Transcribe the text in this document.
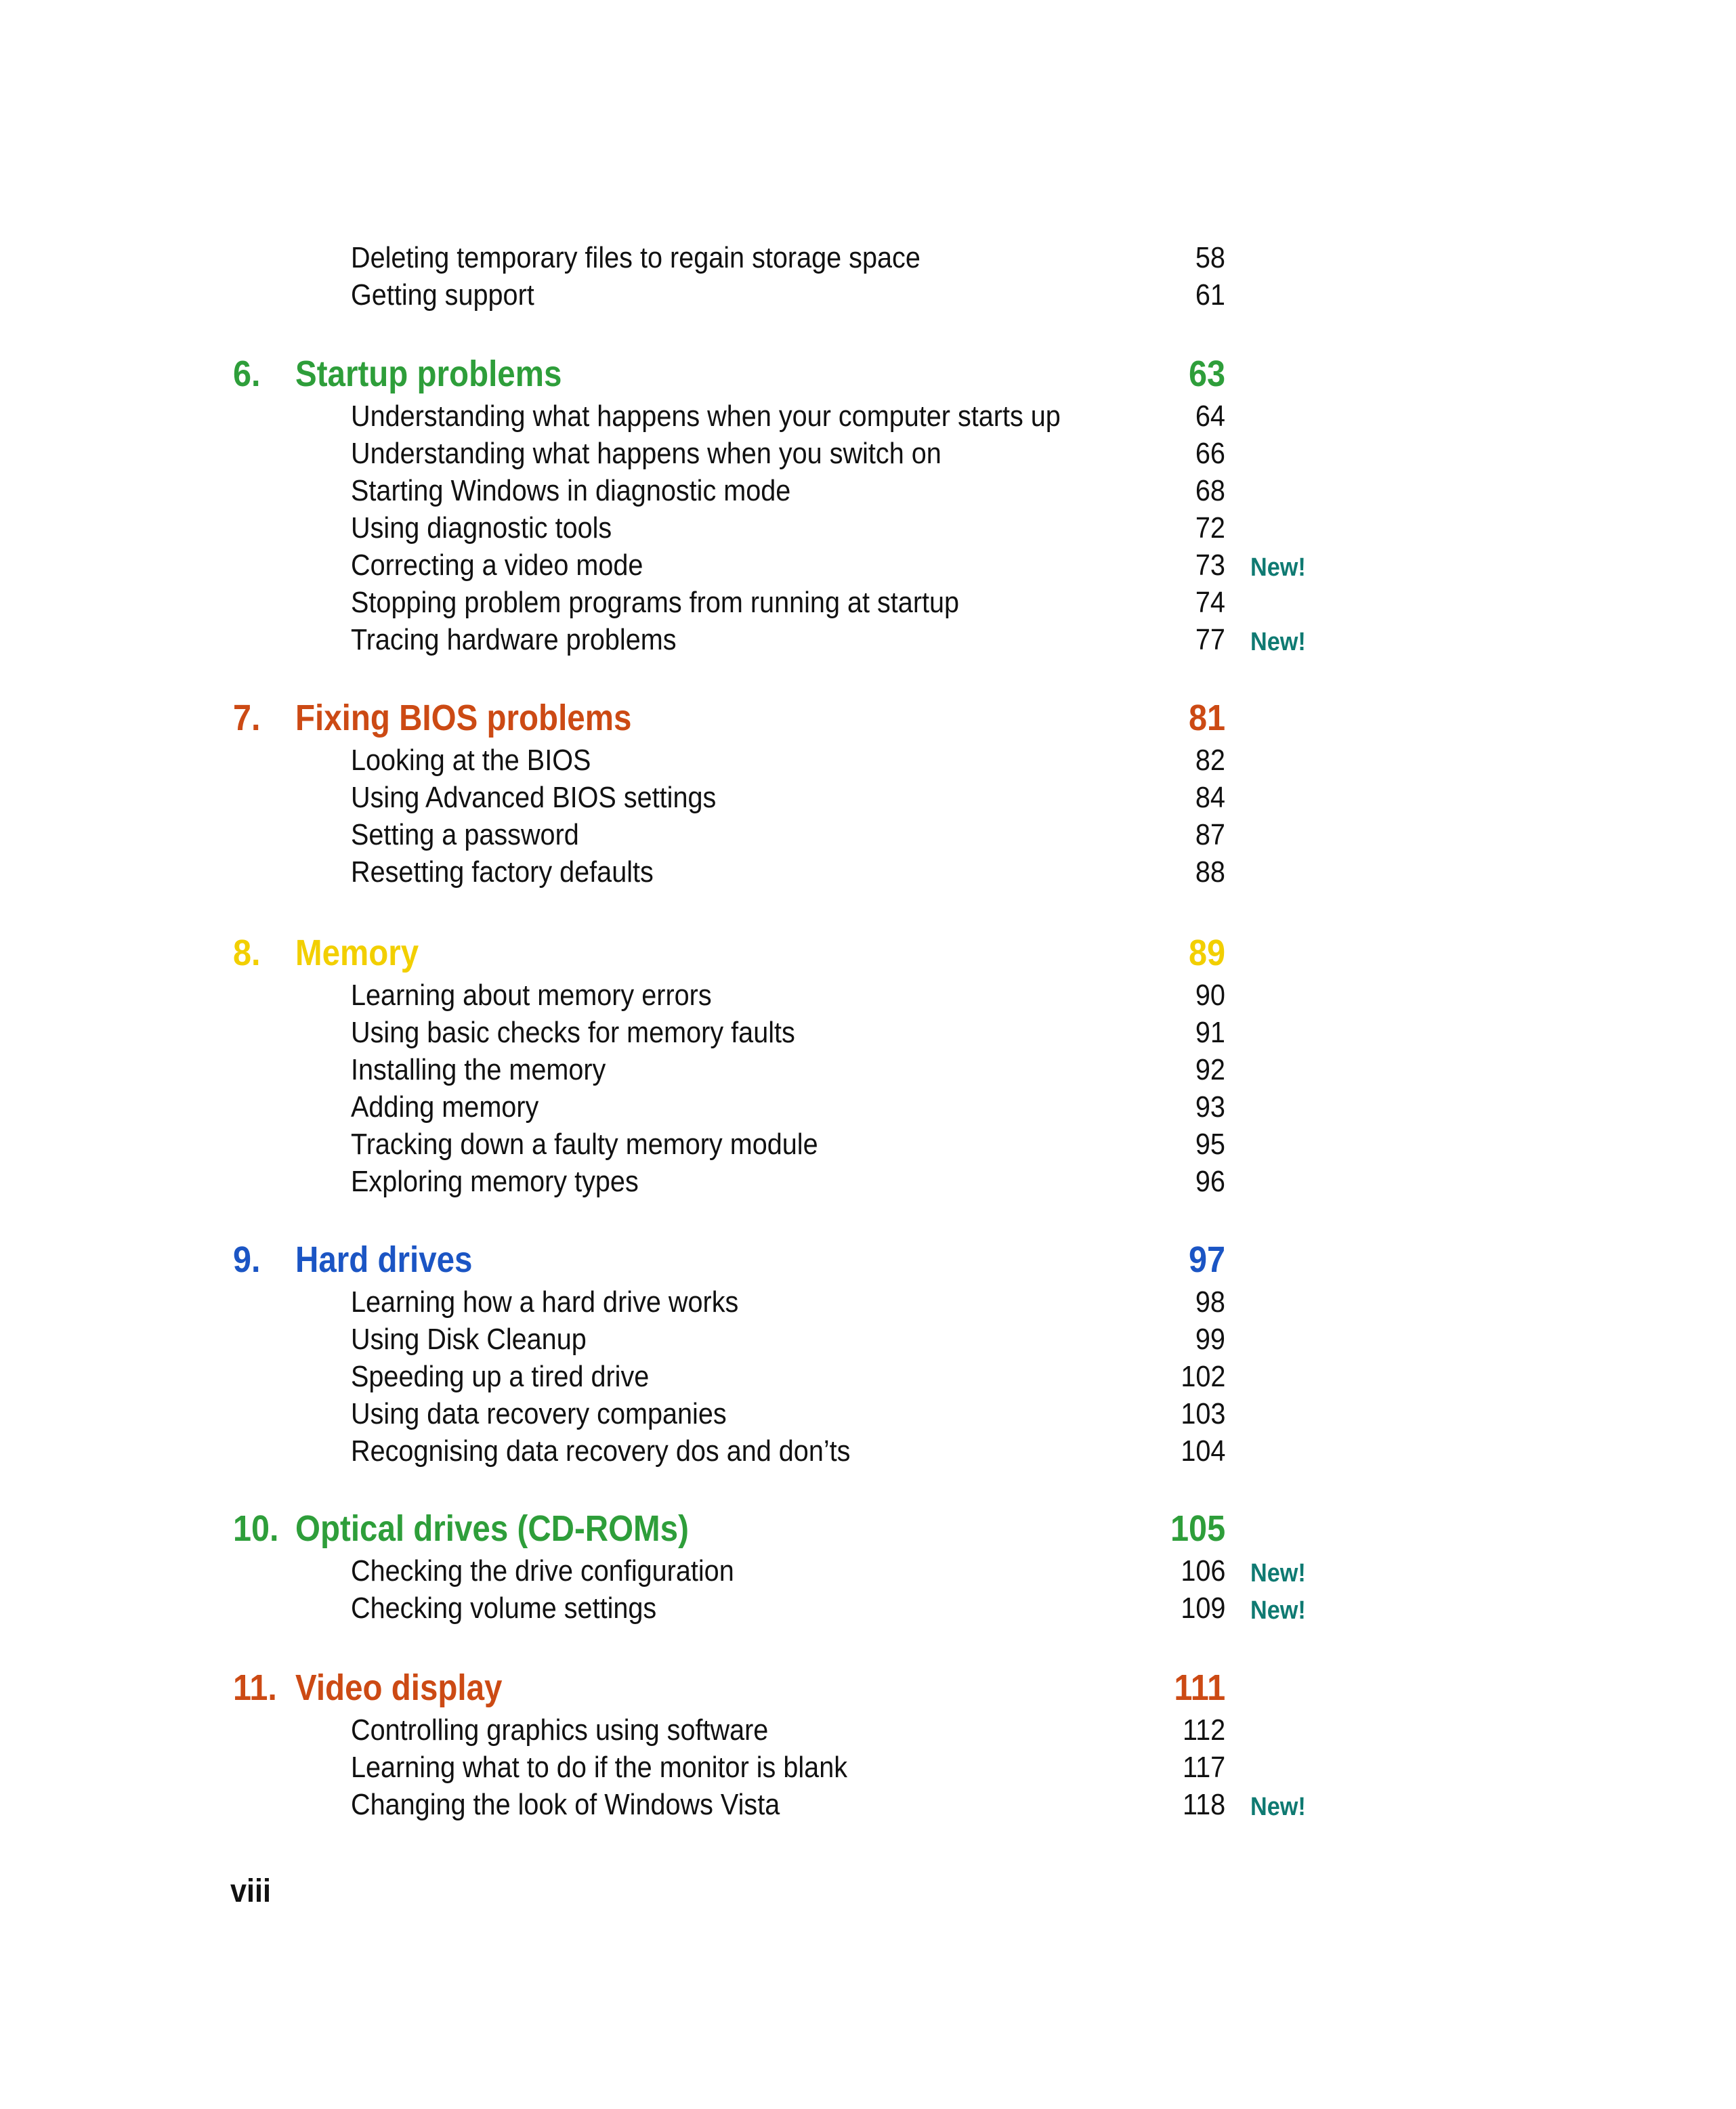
Deleting temporary files to regain storage space	58
Getting support	61
6. Startup problems	63
Understanding what happens when your computer starts up	64
Understanding what happens when you switch on	66
Starting Windows in diagnostic mode	68
Using diagnostic tools	72
Correcting a video mode	73 New!
Stopping problem programs from running at startup	74
Tracing hardware problems	77 New!
7. Fixing BIOS problems	81
Looking at the BIOS	82
Using Advanced BIOS settings	84
Setting a password	87
Resetting factory defaults	88
8. Memory	89
Learning about memory errors	90
Using basic checks for memory faults	91
Installing the memory	92
Adding memory	93
Tracking down a faulty memory module	95
Exploring memory types	96
9. Hard drives	97
Learning how a hard drive works	98
Using Disk Cleanup	99
Speeding up a tired drive	102
Using data recovery companies	103
Recognising data recovery dos and don’ts	104
10. Optical drives (CD-ROMs)	105
Checking the drive configuration	106 New!
Checking volume settings	109 New!
11. Video display	111
Controlling graphics using software	112
Learning what to do if the monitor is blank	117
Changing the look of Windows Vista	118 New!
viii
